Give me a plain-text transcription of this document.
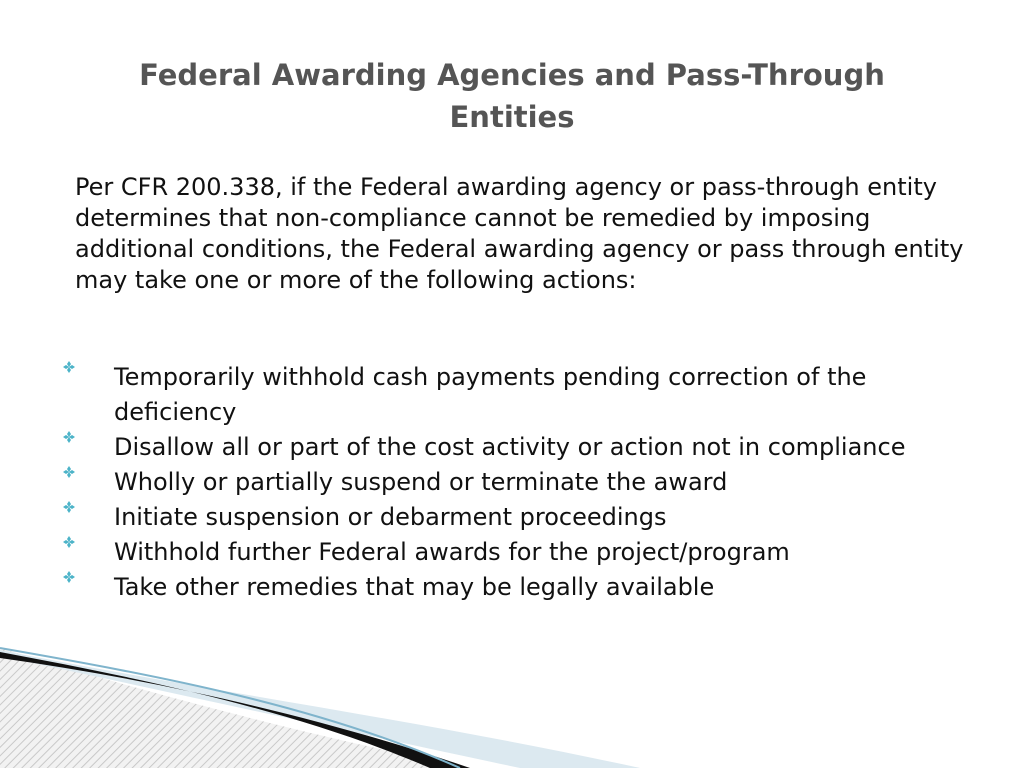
Federal Awarding Agencies and Pass-Through Entities

Per CFR 200.338, if the Federal awarding agency or pass-through entity determines that non-compliance cannot be remedied by imposing additional conditions, the Federal awarding agency or pass through entity may take one or more of the following actions:

Temporarily withhold cash payments pending correction of the deficiency
Disallow all or part of the cost activity or action not in compliance
Wholly or partially suspend or terminate the award
Initiate suspension or debarment proceedings
Withhold further Federal awards for the project/program
Take other remedies that may be legally available
